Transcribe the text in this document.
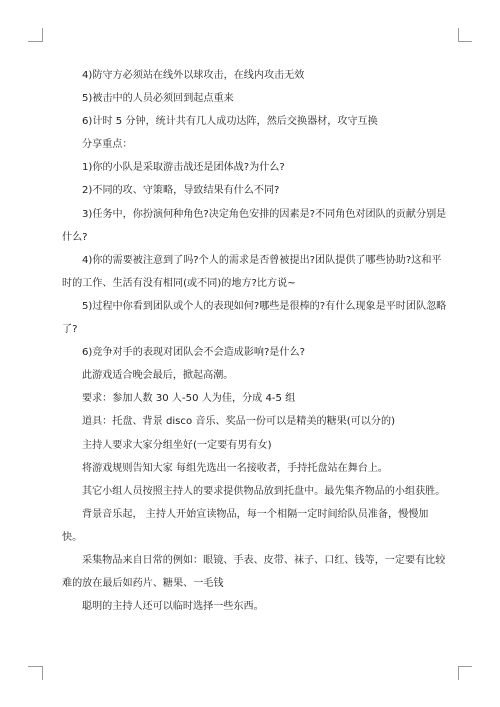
4)防守方必须站在线外以球攻击，在线内攻击无效

5)被击中的人员必须回到起点重来

6)计时 5 分钟，统计共有几人成功达阵，然后交换器材，攻守互换

分享重点：

1)你的小队是采取游击战还是团体战?为什么?

2)不同的攻、守策略，导致结果有什么不同?

3)任务中，你扮演何种角色?决定角色安排的因素是?不同角色对团队的贡献分别是什么?

4)你的需要被注意到了吗?个人的需求是否曾被提出?团队提供了哪些协助?这和平时的工作、生活有没有相同(或不同)的地方?比方说~

5)过程中你看到团队或个人的表现如何?哪些是很棒的?有什么现象是平时团队忽略了?

6)竞争对手的表现对团队会不会造成影响?是什么?

此游戏适合晚会最后，掀起高潮。

要求：参加人数 30 人-50 人为佳，分成 4-5 组

道具：托盘、背景 disco 音乐、奖品一份可以是精美的糖果(可以分的)

主持人要求大家分组坐好(一定要有男有女)

将游戏规则告知大家 每组先选出一名接收者，手持托盘站在舞台上。

其它小组人员按照主持人的要求提供物品放到托盘中。最先集齐物品的小组获胜。

背景音乐起， 主持人开始宣读物品，每一个相隔一定时间给队员准备，慢慢加快。

采集物品来自日常的例如：眼镜、手表、皮带、袜子、口红、钱等，一定要有比较难的放在最后如药片、糖果、一毛钱

聪明的主持人还可以临时选择一些东西。
